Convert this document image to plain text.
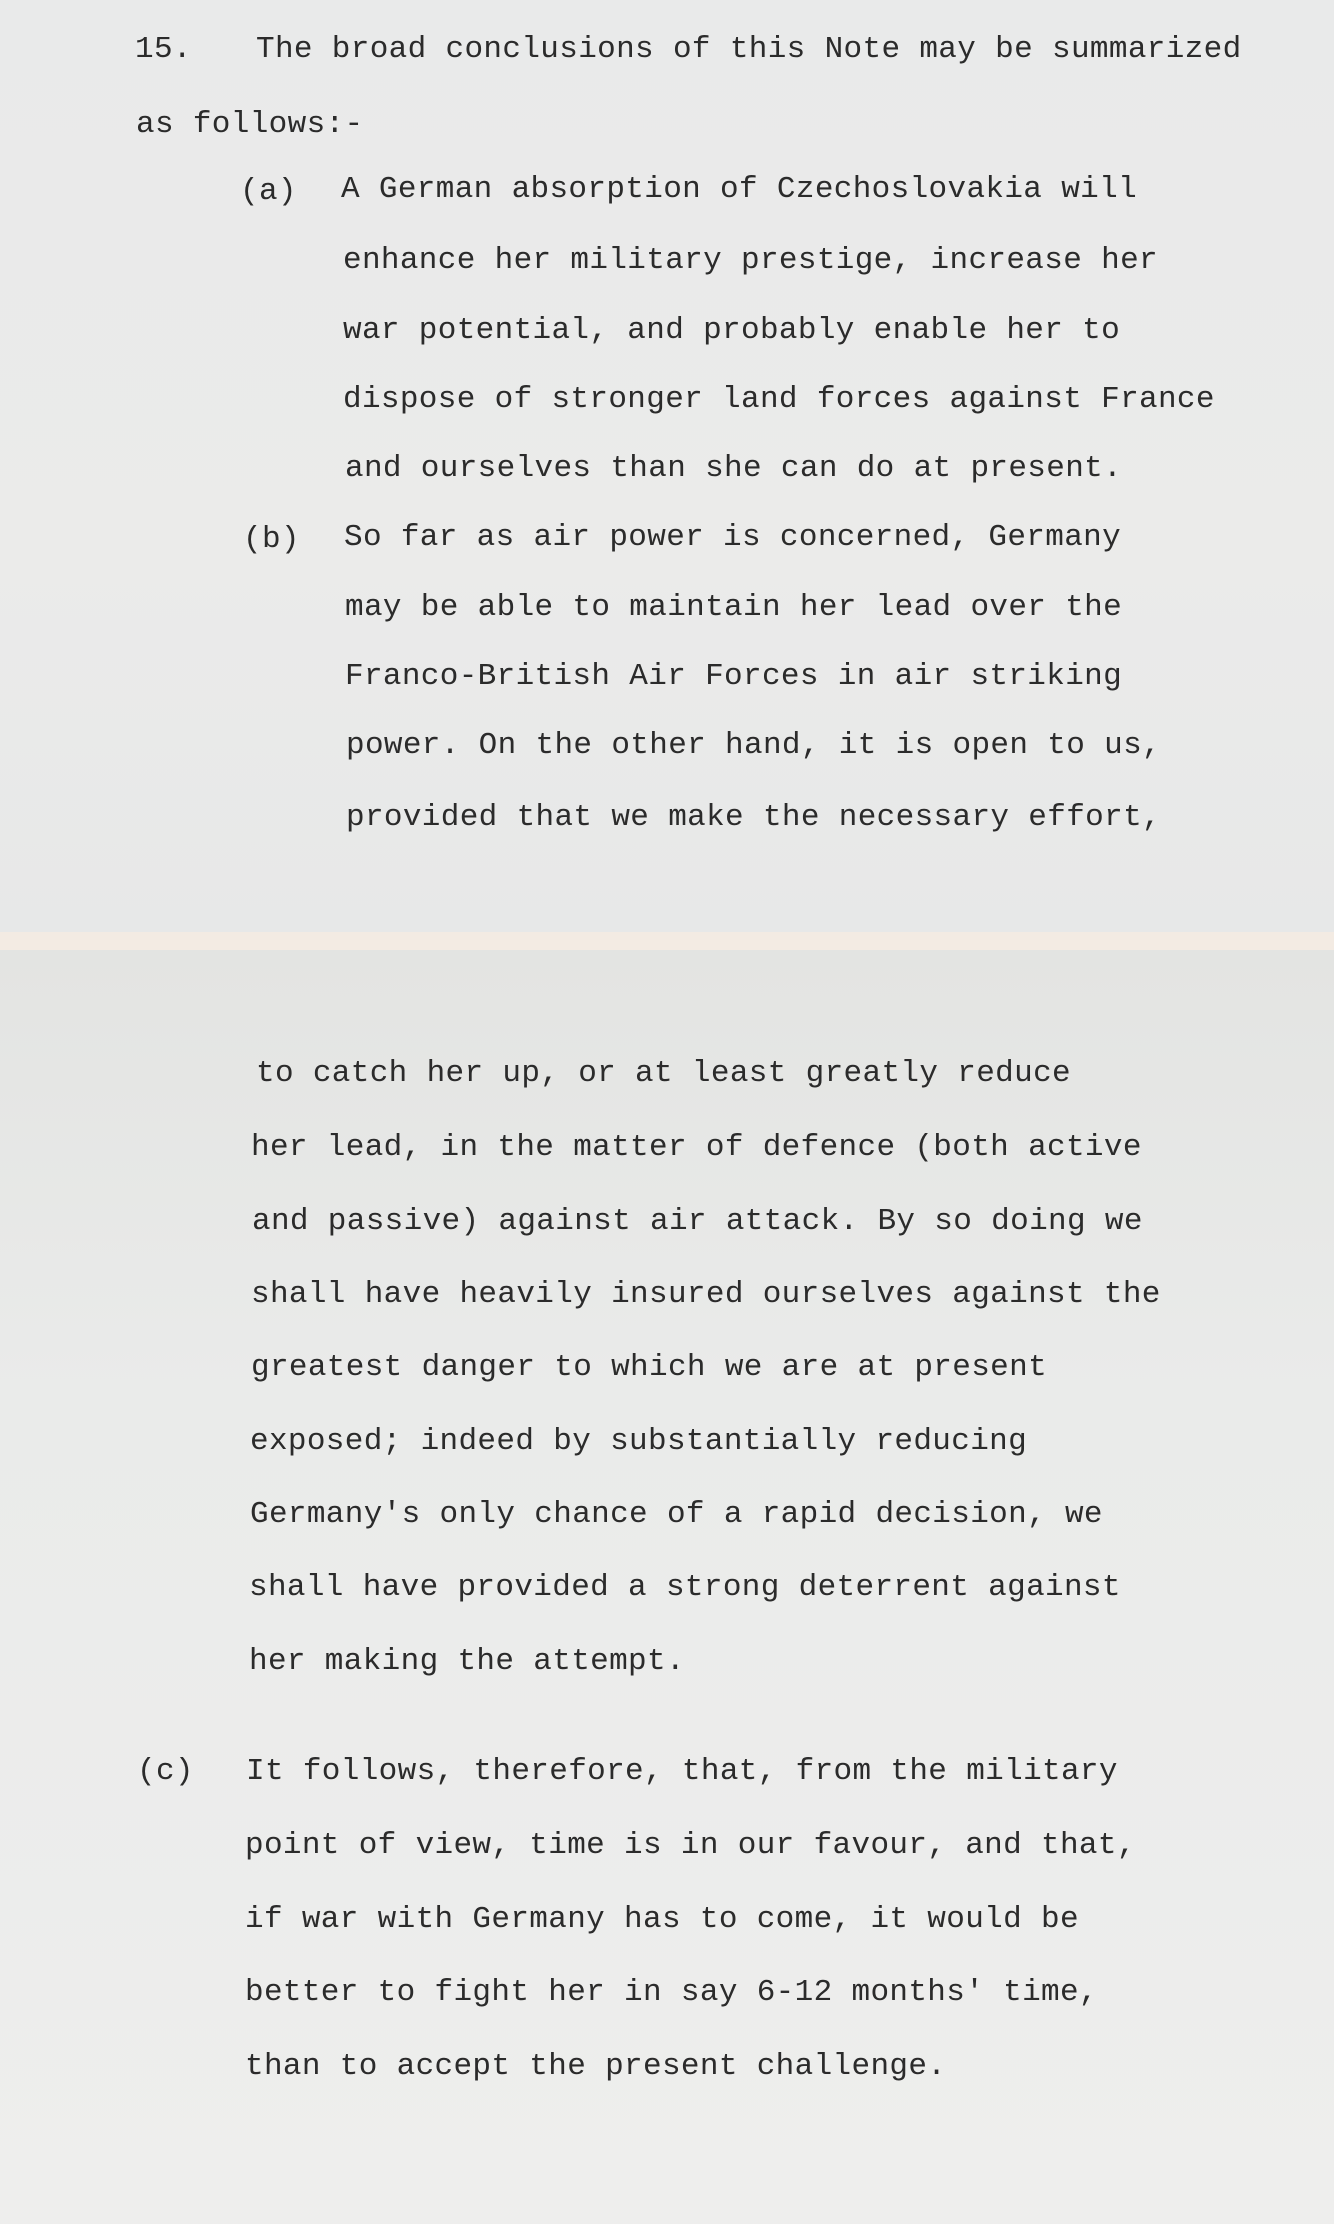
15. The broad conclusions of this Note may be summarized

as follows:-

(a) A German absorption of Czechoslovakia will

enhance her military prestige, increase her

war potential, and probably enable her to

dispose of stronger land forces against France

and ourselves than she can do at present.

(b) So far as air power is concerned, Germany

may be able to maintain her lead over the

Franco-British Air Forces in air striking

power. On the other hand, it is open to us,

provided that we make the necessary effort,

to catch her up, or at least greatly reduce

her lead, in the matter of defence (both active

and passive) against air attack. By so doing we

shall have heavily insured ourselves against the

greatest danger to which we are at present

exposed; indeed by substantially reducing

Germany's only chance of a rapid decision, we

shall have provided a strong deterrent against

her making the attempt.

(c) It follows, therefore, that, from the military

point of view, time is in our favour, and that,

if war with Germany has to come, it would be

better to fight her in say 6-12 months' time,

than to accept the present challenge.
